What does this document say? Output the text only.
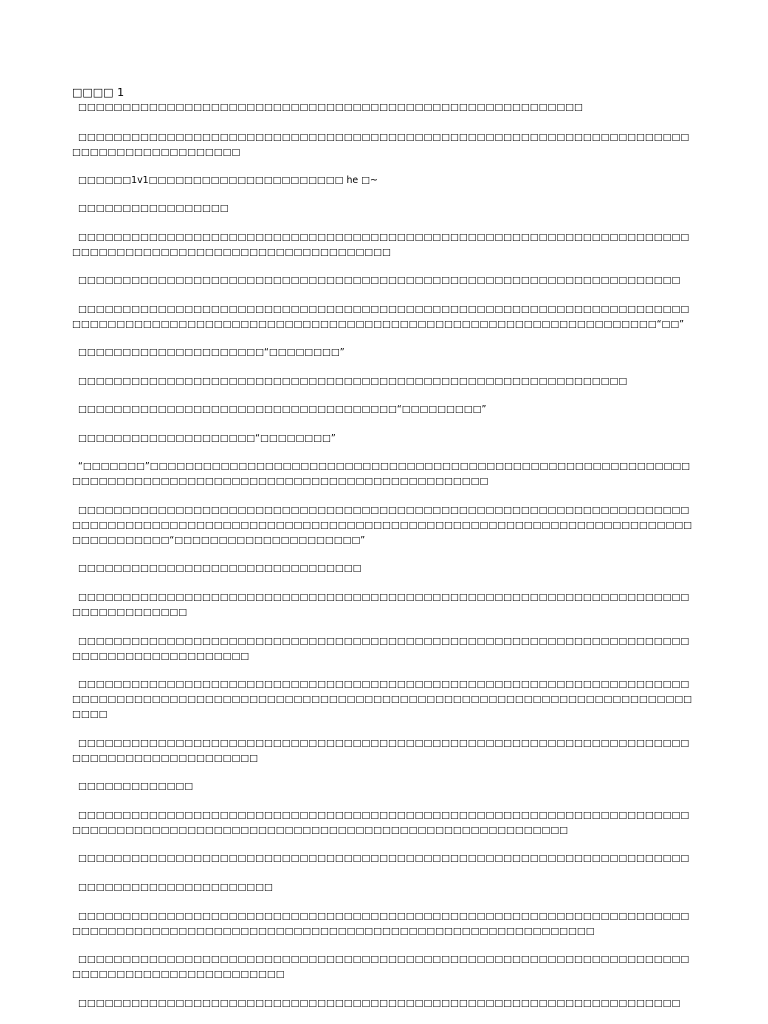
□□□□ 1

□□□□□□□□□□□□□□□□□□□□□□□□□□□□□□□□□□□□□□□□□□□□□□□□□□□□□□□□□

□□□□□□□□□□□□□□□□□□□□□□□□□□□□□□□□□□□□□□□□□□□□□□□□□□□□□□□□□□□□□□□□□□□□□□□□□□□□□□□□□□□□□□□□

□□□□□□1v1□□□□□□□□□□□□□□□□□□□□□□ he □~

□□□□□□□□□□□□□□□□□

□□□□□□□□□□□□□□□□□□□□□□□□□□□□□□□□□□□□□□□□□□□□□□□□□□□□□□□□□□□□□□□□□□□□□□□□□□□□□□□□□□□□□□□□□□□□□□□□□□□□□□□□□

□□□□□□□□□□□□□□□□□□□□□□□□□□□□□□□□□□□□□□□□□□□□□□□□□□□□□□□□□□□□□□□□□□□□

□□□□□□□□□□□□□□□□□□□□□□□□□□□□□□□□□□□□□□□□□□□□□□□□□□□□□□□□□□□□□□□□□□□□□□□□□□□□□□□□□□□□□□□□□□□□□□□□□□□□□□□□□□□□□□□□□□□□□□□□□□□□□□□□□□□□□□□“□□”

□□□□□□□□□□□□□□□□□□□□□“□□□□□□□□”

□□□□□□□□□□□□□□□□□□□□□□□□□□□□□□□□□□□□□□□□□□□□□□□□□□□□□□□□□□□□□□

□□□□□□□□□□□□□□□□□□□□□□□□□□□□□□□□□□□□“□□□□□□□□□”

□□□□□□□□□□□□□□□□□□□□“□□□□□□□□”

“□□□□□□□”□□□□□□□□□□□□□□□□□□□□□□□□□□□□□□□□□□□□□□□□□□□□□□□□□□□□□□□□□□□□□□□□□□□□□□□□□□□□□□□□□□□□□□□□□□□□□□□□□□□□□□□□□□□□

□□□□□□□□□□□□□□□□□□□□□□□□□□□□□□□□□□□□□□□□□□□□□□□□□□□□□□□□□□□□□□□□□□□□□□□□□□□□□□□□□□□□□□□□□□□□□□□□□□□□□□□□□□□□□□□□□□□□□□□□□□□□□□□□□□□□□□□□□□□□□□□□□□□□□□“□□□□□□□□□□□□□□□□□□□□□”

□□□□□□□□□□□□□□□□□□□□□□□□□□□□□□□□

□□□□□□□□□□□□□□□□□□□□□□□□□□□□□□□□□□□□□□□□□□□□□□□□□□□□□□□□□□□□□□□□□□□□□□□□□□□□□□□□□□

□□□□□□□□□□□□□□□□□□□□□□□□□□□□□□□□□□□□□□□□□□□□□□□□□□□□□□□□□□□□□□□□□□□□□□□□□□□□□□□□□□□□□□□□□

□□□□□□□□□□□□□□□□□□□□□□□□□□□□□□□□□□□□□□□□□□□□□□□□□□□□□□□□□□□□□□□□□□□□□□□□□□□□□□□□□□□□□□□□□□□□□□□□□□□□□□□□□□□□□□□□□□□□□□□□□□□□□□□□□□□□□□□□□□□□□□□

□□□□□□□□□□□□□□□□□□□□□□□□□□□□□□□□□□□□□□□□□□□□□□□□□□□□□□□□□□□□□□□□□□□□□□□□□□□□□□□□□□□□□□□□□□

□□□□□□□□□□□□□

□□□□□□□□□□□□□□□□□□□□□□□□□□□□□□□□□□□□□□□□□□□□□□□□□□□□□□□□□□□□□□□□□□□□□□□□□□□□□□□□□□□□□□□□□□□□□□□□□□□□□□□□□□□□□□□□□□□□□□□□□□□□□

□□□□□□□□□□□□□□□□□□□□□□□□□□□□□□□□□□□□□□□□□□□□□□□□□□□□□□□□□□□□□□□□□□□□□

□□□□□□□□□□□□□□□□□□□□□□

□□□□□□□□□□□□□□□□□□□□□□□□□□□□□□□□□□□□□□□□□□□□□□□□□□□□□□□□□□□□□□□□□□□□□□□□□□□□□□□□□□□□□□□□□□□□□□□□□□□□□□□□□□□□□□□□□□□□□□□□□□□□□□□□

□□□□□□□□□□□□□□□□□□□□□□□□□□□□□□□□□□□□□□□□□□□□□□□□□□□□□□□□□□□□□□□□□□□□□□□□□□□□□□□□□□□□□□□□□□□□□

□□□□□□□□□□□□□□□□□□□□□□□□□□□□□□□□□□□□□□□□□□□□□□□□□□□□□□□□□□□□□□□□□□□□
